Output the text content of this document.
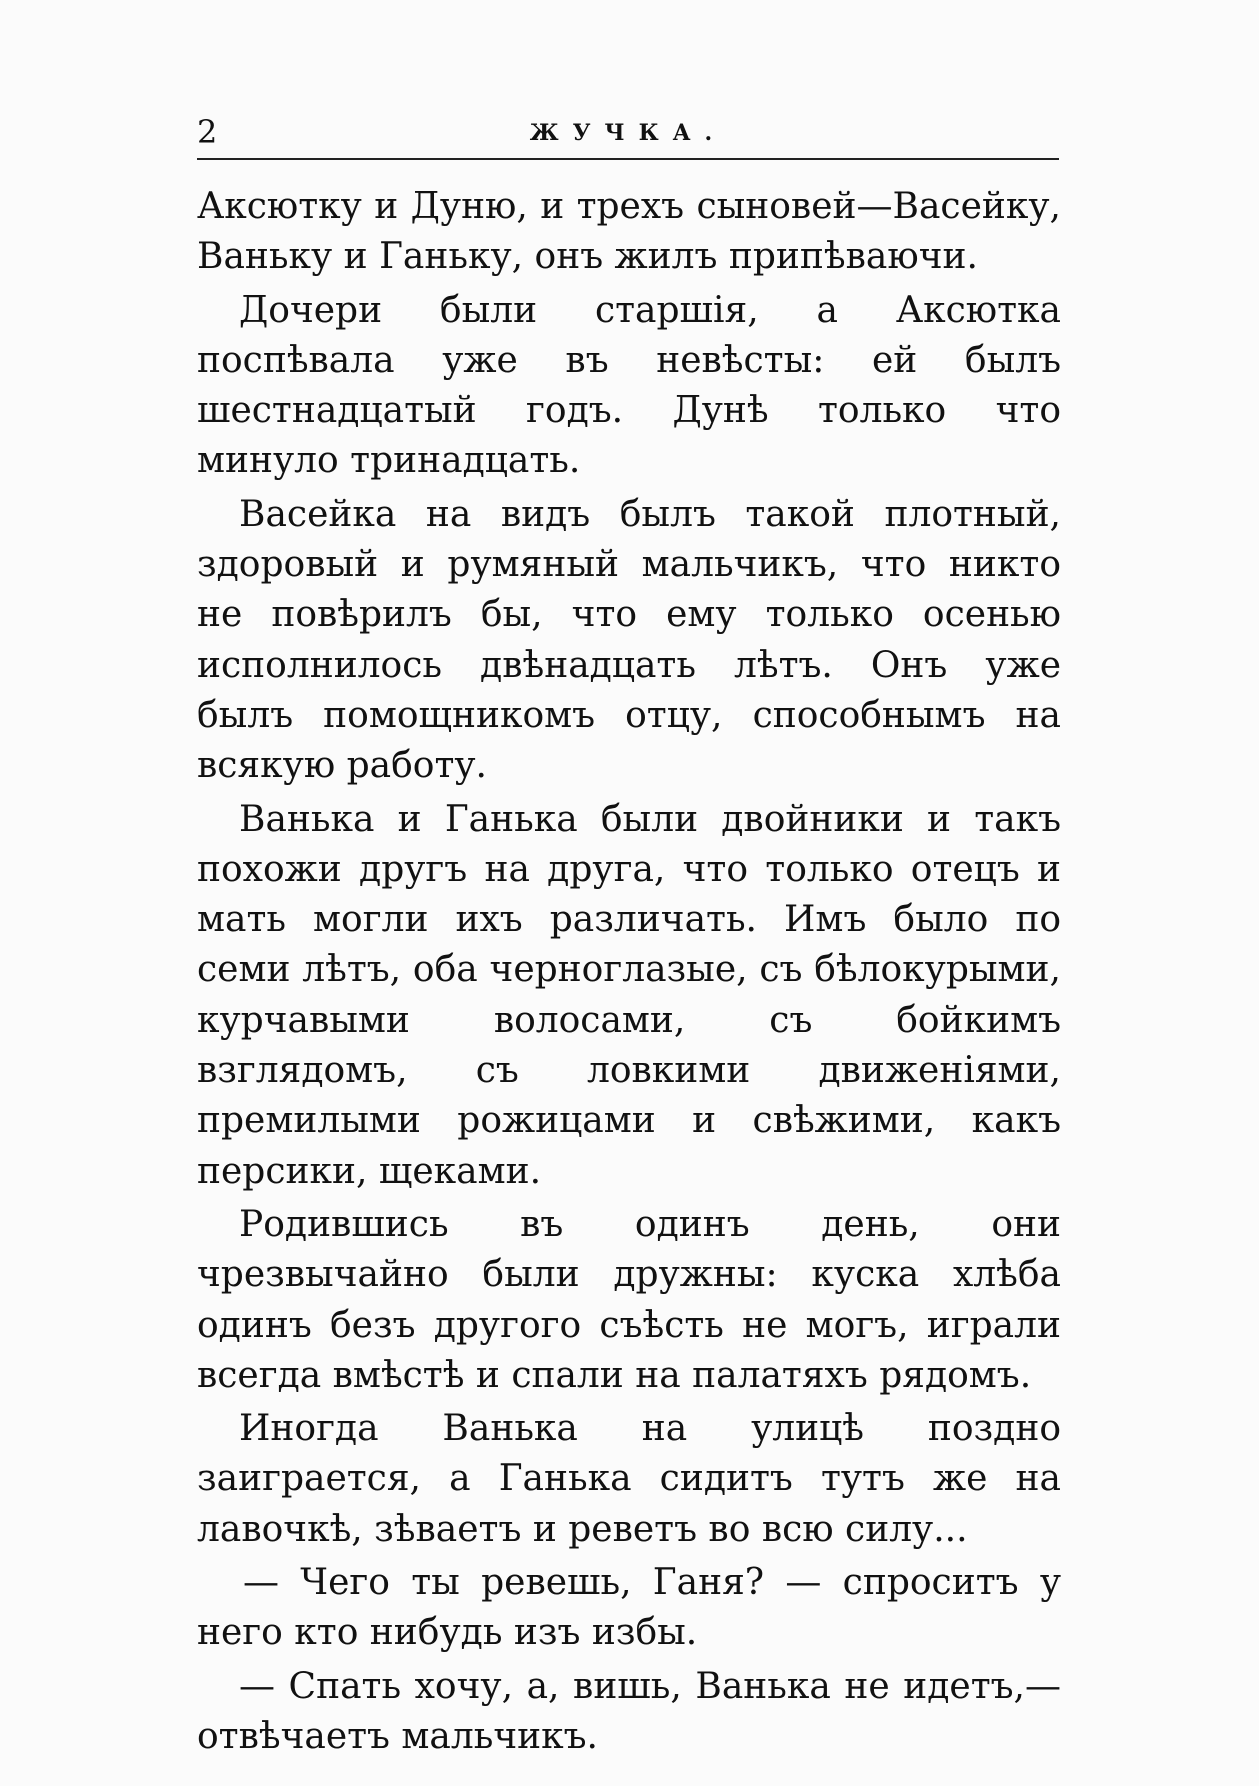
2	ЖУЧКА.

Аксютку и Дуню, и трехъ сыновей—Васейку, Ваньку и Ганьку, онъ жилъ припѣваючи.

Дочери были старшія, а Аксютка поспѣвала уже въ невѣсты: ей былъ шестнадцатый годъ. Дунѣ только что минуло тринадцать.

Васейка на видъ былъ такой плотный, здоровый и румяный мальчикъ, что никто не повѣрилъ бы, что ему только осенью исполнилось двѣнадцать лѣтъ. Онъ уже былъ помощникомъ отцу, способнымъ на всякую работу.

Ванька и Ганька были двойники и такъ похожи другъ на друга, что только отецъ и мать могли ихъ различать. Имъ было по семи лѣтъ, оба черноглазые, съ бѣлокурыми, курчавыми волосами, съ бойкимъ взглядомъ, съ ловкими движеніями, премилыми рожицами и свѣжими, какъ персики, щеками.

Родившись въ одинъ день, они чрезвычайно были дружны: куска хлѣба одинъ безъ другого съѣсть не могъ, играли всегда вмѣстѣ и спали на палатяхъ рядомъ.

Иногда Ванька на улицѣ поздно заиграется, а Ганька сидитъ тутъ же на лавочкѣ, зѣваетъ и реветъ во всю силу...

— Чего ты ревешь, Ганя? — спроситъ у него кто нибудь изъ избы.

— Спать хочу, а, вишь, Ванька не идетъ,— отвѣчаетъ мальчикъ.
